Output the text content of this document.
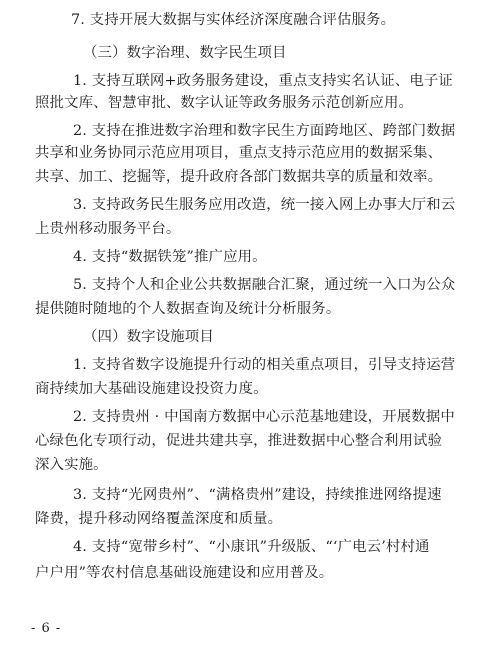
7. 支持开展大数据与实体经济深度融合评估服务。
（三）数字治理、数字民生项目
1. 支持互联网+政务服务建设，重点支持实名认证、电子证
照批文库、智慧审批、数字认证等政务服务示范创新应用。
2. 支持在推进数字治理和数字民生方面跨地区、跨部门数据
共享和业务协同示范应用项目，重点支持示范应用的数据采集、
共享、加工、挖掘等，提升政府各部门数据共享的质量和效率。
3. 支持政务民生服务应用改造，统一接入网上办事大厅和云
上贵州移动服务平台。
4. 支持“数据铁笼”推广应用。
5. 支持个人和企业公共数据融合汇聚，通过统一入口为公众
提供随时随地的个人数据查询及统计分析服务。
（四）数字设施项目
1. 支持省数字设施提升行动的相关重点项目，引导支持运营
商持续加大基础设施建设投资力度。
2. 支持贵州 · 中国南方数据中心示范基地建设，开展数据中
心绿色化专项行动，促进共建共享，推进数据中心整合利用试验
深入实施。
3. 支持“光网贵州”、“满格贵州”建设，持续推进网络提速
降费，提升移动网络覆盖深度和质量。
4. 支持“宽带乡村”、“小康讯”升级版、“‘广电云’村村通
户户用”等农村信息基础设施建设和应用普及。
- 6 -
